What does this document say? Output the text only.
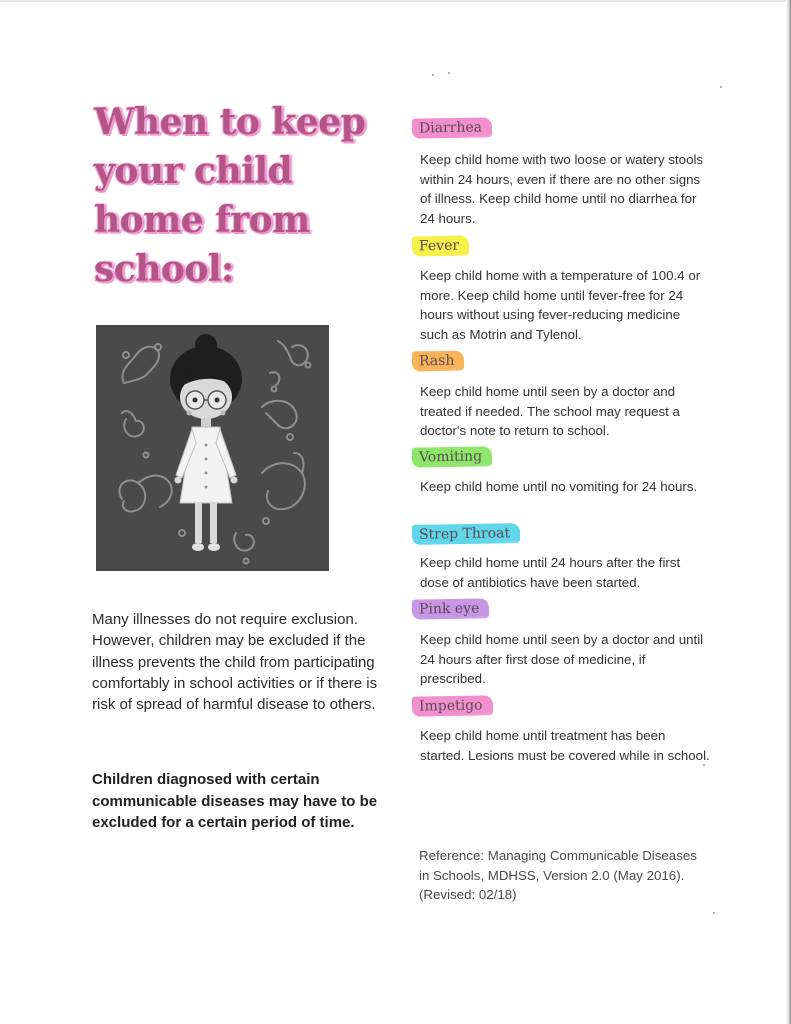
When to keep
your child
home from
school:

Many illnesses do not require exclusion. However, children may be excluded if the illness prevents the child from participating comfortably in school activities or if there is risk of spread of harmful disease to others.

Children diagnosed with certain communicable diseases may have to be excluded for a certain period of time.

Diarrhea

Keep child home with two loose or watery stools within 24 hours, even if there are no other signs of illness. Keep child home until no diarrhea for 24 hours.

Fever

Keep child home with a temperature of 100.4 or more. Keep child home until fever-free for 24 hours without using fever-reducing medicine such as Motrin and Tylenol.

Rash

Keep child home until seen by a doctor and treated if needed. The school may request a doctor's note to return to school.

Vomiting

Keep child home until no vomiting for 24 hours.

Strep Throat

Keep child home until 24 hours after the first dose of antibiotics have been started.

Pink eye

Keep child home until seen by a doctor and until 24 hours after first dose of medicine, if prescribed.

Impetigo

Keep child home until treatment has been started. Lesions must be covered while in school.

Reference: Managing Communicable Diseases in Schools, MDHSS, Version 2.0 (May 2016). (Revised: 02/18)
